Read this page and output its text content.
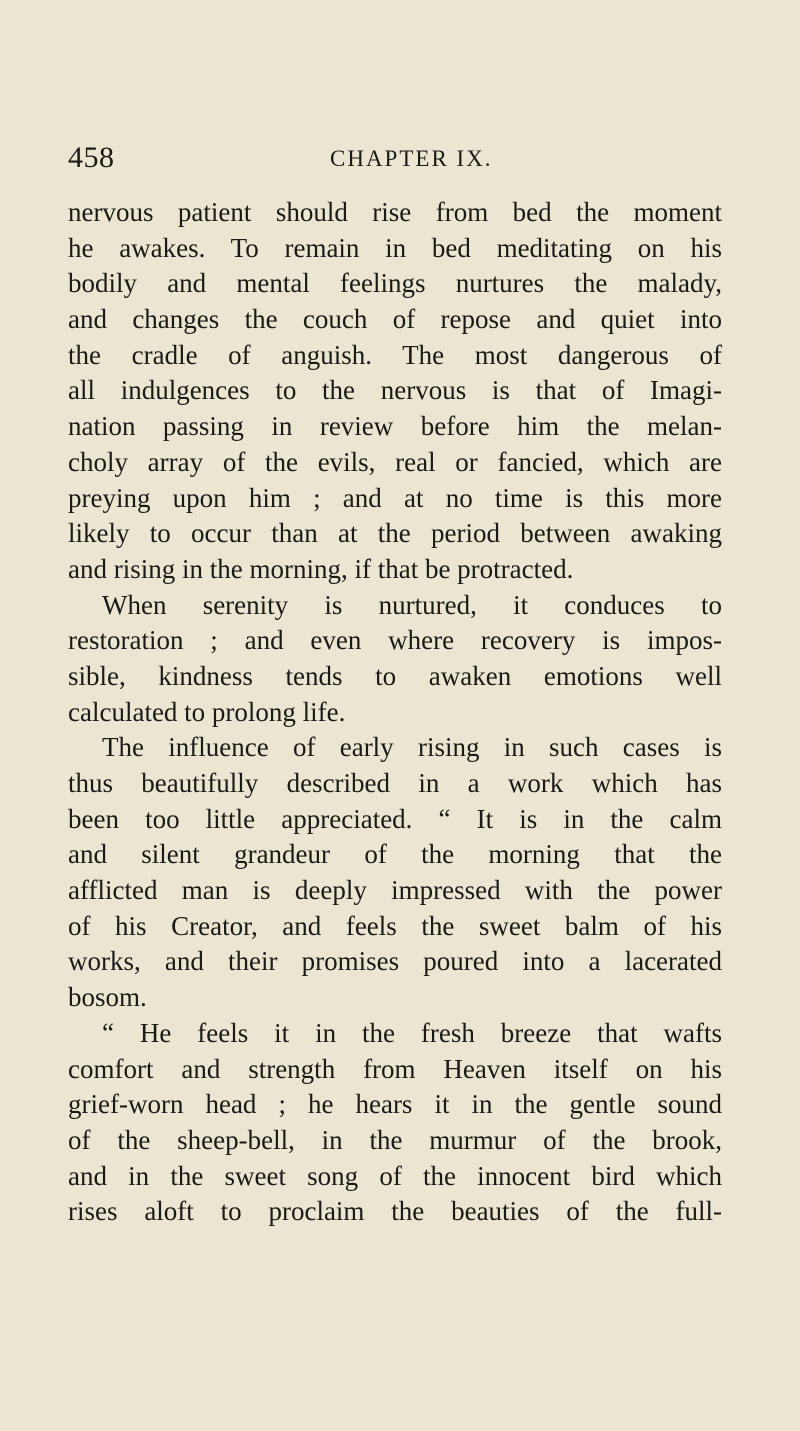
458	CHAPTER IX.
nervous patient should rise from bed the moment
he awakes. To remain in bed meditating on his
bodily and mental feelings nurtures the malady,
and changes the couch of repose and quiet into
the cradle of anguish. The most dangerous of
all indulgences to the nervous is that of Imagi-
nation passing in review before him the melan-
choly array of the evils, real or fancied, which are
preying upon him ; and at no time is this more
likely to occur than at the period between awaking
and rising in the morning, if that be protracted.
When serenity is nurtured, it conduces to
restoration ; and even where recovery is impos-
sible, kindness tends to awaken emotions well
calculated to prolong life.
The influence of early rising in such cases is
thus beautifully described in a work which has
been too little appreciated. “ It is in the calm
and silent grandeur of the morning that the
afflicted man is deeply impressed with the power
of his Creator, and feels the sweet balm of his
works, and their promises poured into a lacerated
bosom.
“ He feels it in the fresh breeze that wafts
comfort and strength from Heaven itself on his
grief-worn head ; he hears it in the gentle sound
of the sheep-bell, in the murmur of the brook,
and in the sweet song of the innocent bird which
rises aloft to proclaim the beauties of the full-
